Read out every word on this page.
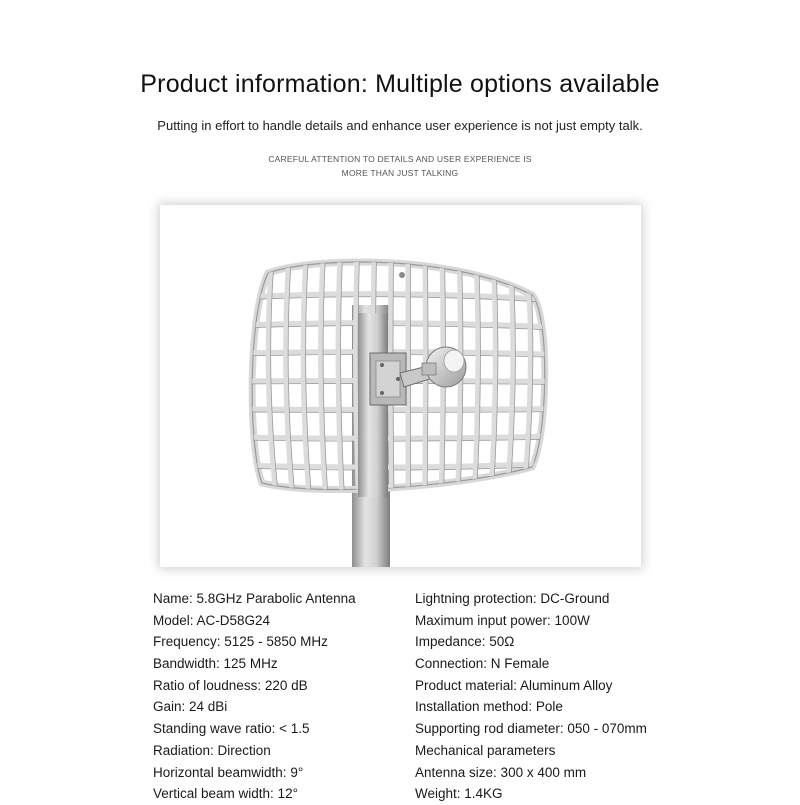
Product information: Multiple options available
Putting in effort to handle details and enhance user experience is not just empty talk.
CAREFUL ATTENTION TO DETAILS AND USER EXPERIENCE IS
MORE THAN JUST TALKING
Name: 5.8GHz Parabolic Antenna
Model: AC-D58G24
Frequency: 5125 - 5850 MHz
Bandwidth: 125 MHz
Ratio of loudness: 220 dB
Gain: 24 dBi
Standing wave ratio: < 1.5
Radiation: Direction
Horizontal beamwidth: 9°
Vertical beam width: 12°
Lightning protection: DC-Ground
Maximum input power: 100W
Impedance: 50Ω
Connection: N Female
Product material: Aluminum Alloy
Installation method: Pole
Supporting rod diameter: 050 - 070mm
Mechanical parameters
Antenna size: 300 x 400 mm
Weight: 1.4KG
